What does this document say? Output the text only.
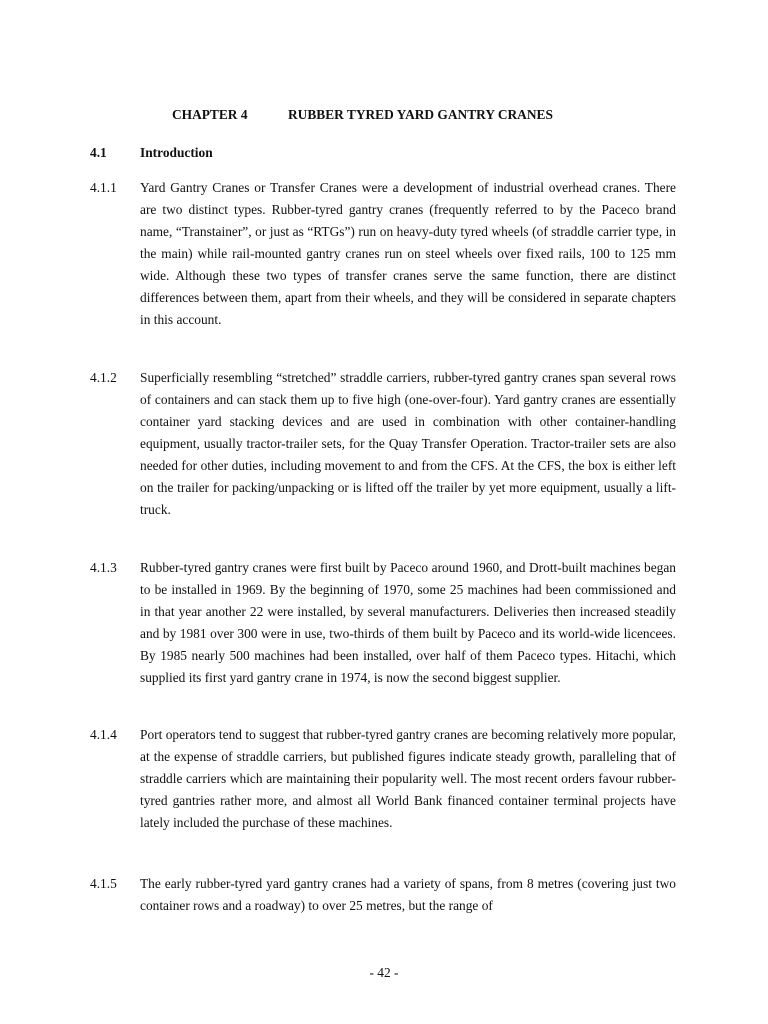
CHAPTER 4	RUBBER TYRED YARD GANTRY CRANES
4.1 Introduction
4.1.1 Yard Gantry Cranes or Transfer Cranes were a development of industrial overhead cranes. There are two distinct types. Rubber-tyred gantry cranes (frequently referred to by the Paceco brand name, “Transtainer”, or just as “RTGs”) run on heavy-duty tyred wheels (of straddle carrier type, in the main) while rail-mounted gantry cranes run on steel wheels over fixed rails, 100 to 125 mm wide. Although these two types of transfer cranes serve the same function, there are distinct differences between them, apart from their wheels, and they will be considered in separate chapters in this account.
4.1.2 Superficially resembling “stretched” straddle carriers, rubber-tyred gantry cranes span several rows of containers and can stack them up to five high (one-over-four). Yard gantry cranes are essentially container yard stacking devices and are used in combination with other container-handling equipment, usually tractor-trailer sets, for the Quay Transfer Operation. Tractor-trailer sets are also needed for other duties, including movement to and from the CFS. At the CFS, the box is either left on the trailer for packing/unpacking or is lifted off the trailer by yet more equipment, usually a lift-truck.
4.1.3 Rubber-tyred gantry cranes were first built by Paceco around 1960, and Drott-built machines began to be installed in 1969. By the beginning of 1970, some 25 machines had been commissioned and in that year another 22 were installed, by several manufacturers. Deliveries then increased steadily and by 1981 over 300 were in use, two-thirds of them built by Paceco and its world-wide licencees. By 1985 nearly 500 machines had been installed, over half of them Paceco types. Hitachi, which supplied its first yard gantry crane in 1974, is now the second biggest supplier.
4.1.4 Port operators tend to suggest that rubber-tyred gantry cranes are becoming relatively more popular, at the expense of straddle carriers, but published figures indicate steady growth, paralleling that of straddle carriers which are maintaining their popularity well. The most recent orders favour rubber-tyred gantries rather more, and almost all World Bank financed container terminal projects have lately included the purchase of these machines.
4.1.5 The early rubber-tyred yard gantry cranes had a variety of spans, from 8 metres (covering just two container rows and a roadway) to over 25 metres, but the range of
- 42 -
